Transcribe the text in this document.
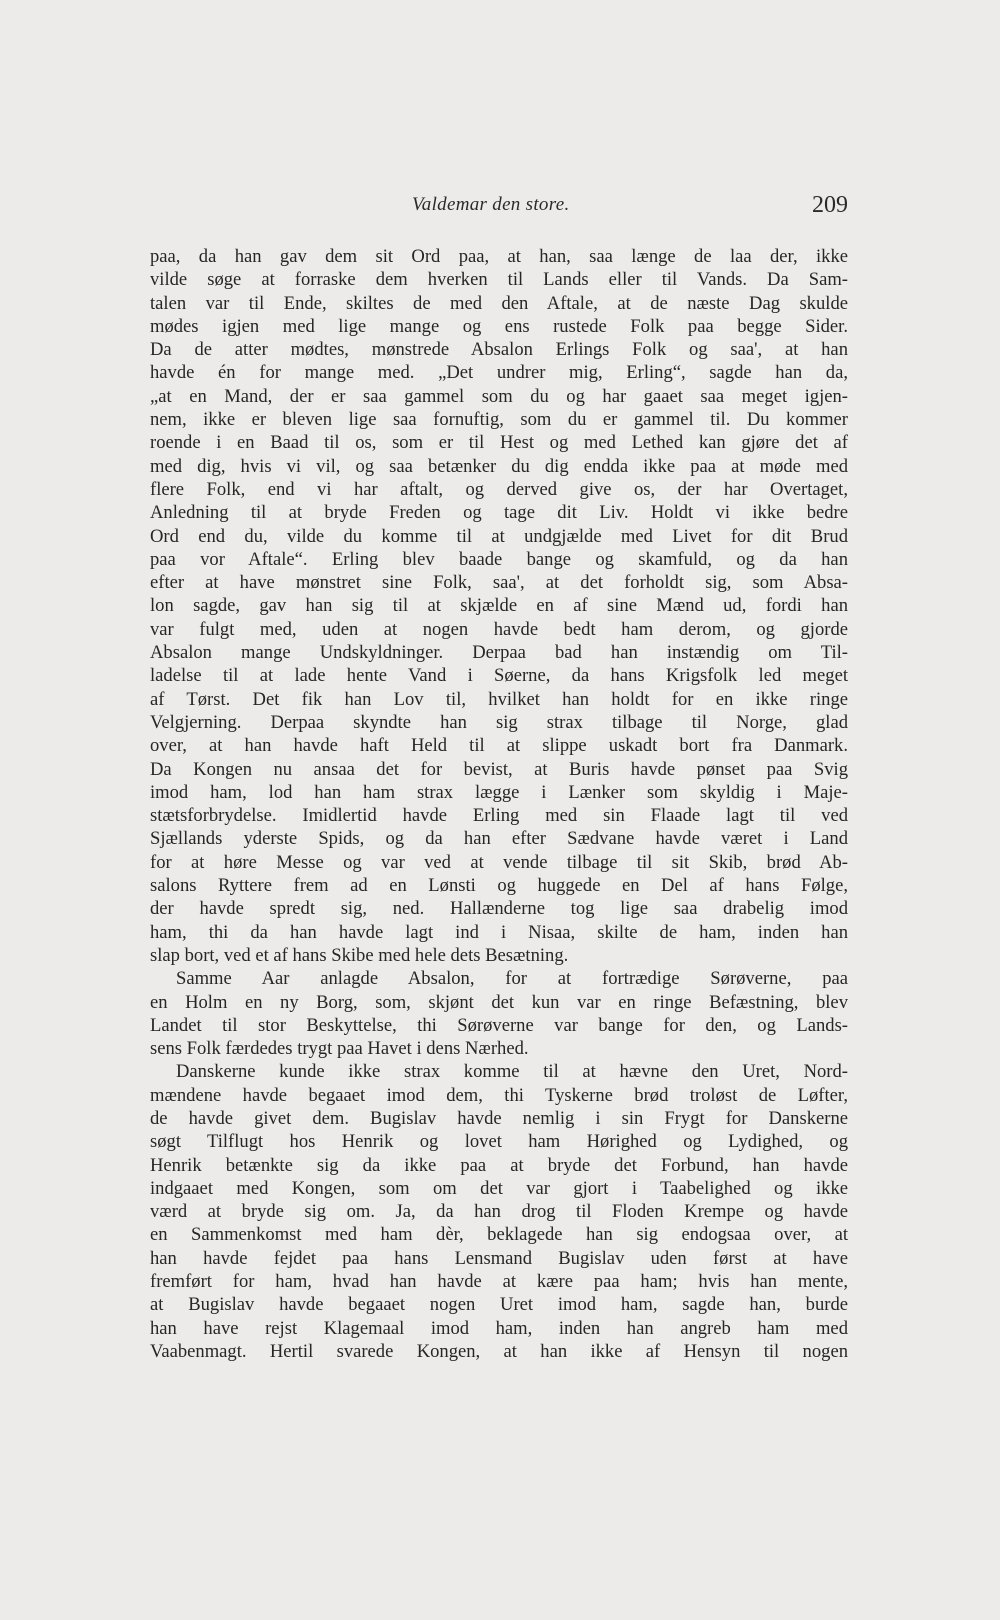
Valdemar den store.	209
paa, da han gav dem sit Ord paa, at han, saa længe de laa der, ikke
vilde søge at forraske dem hverken til Lands eller til Vands. Da Sam-
talen var til Ende, skiltes de med den Aftale, at de næste Dag skulde
mødes igjen med lige mange og ens rustede Folk paa begge Sider.
Da de atter mødtes, mønstrede Absalon Erlings Folk og saa', at han
havde én for mange med. „Det undrer mig, Erling“, sagde han da,
„at en Mand, der er saa gammel som du og har gaaet saa meget igjen-
nem, ikke er bleven lige saa fornuftig, som du er gammel til. Du kommer
roende i en Baad til os, som er til Hest og med Lethed kan gjøre det af
med dig, hvis vi vil, og saa betænker du dig endda ikke paa at møde med
flere Folk, end vi har aftalt, og derved give os, der har Overtaget,
Anledning til at bryde Freden og tage dit Liv. Holdt vi ikke bedre
Ord end du, vilde du komme til at undgjælde med Livet for dit Brud
paa vor Aftale“. Erling blev baade bange og skamfuld, og da han
efter at have mønstret sine Folk, saa', at det forholdt sig, som Absa-
lon sagde, gav han sig til at skjælde en af sine Mænd ud, fordi han
var fulgt med, uden at nogen havde bedt ham derom, og gjorde
Absalon mange Undskyldninger. Derpaa bad han instændig om Til-
ladelse til at lade hente Vand i Søerne, da hans Krigsfolk led meget
af Tørst. Det fik han Lov til, hvilket han holdt for en ikke ringe
Velgjerning. Derpaa skyndte han sig strax tilbage til Norge, glad
over, at han havde haft Held til at slippe uskadt bort fra Danmark.
Da Kongen nu ansaa det for bevist, at Buris havde pønset paa Svig
imod ham, lod han ham strax lægge i Lænker som skyldig i Maje-
stætsforbrydelse. Imidlertid havde Erling med sin Flaade lagt til ved
Sjællands yderste Spids, og da han efter Sædvane havde været i Land
for at høre Messe og var ved at vende tilbage til sit Skib, brød Ab-
salons Ryttere frem ad en Lønsti og huggede en Del af hans Følge,
der havde spredt sig, ned. Hallænderne tog lige saa drabelig imod
ham, thi da han havde lagt ind i Nisaa, skilte de ham, inden han
slap bort, ved et af hans Skibe med hele dets Besætning.
Samme Aar anlagde Absalon, for at fortrædige Sørøverne, paa
en Holm en ny Borg, som, skjønt det kun var en ringe Befæstning, blev
Landet til stor Beskyttelse, thi Sørøverne var bange for den, og Lands-
sens Folk færdedes trygt paa Havet i dens Nærhed.
Danskerne kunde ikke strax komme til at hævne den Uret, Nord-
mændene havde begaaet imod dem, thi Tyskerne brød troløst de Løfter,
de havde givet dem. Bugislav havde nemlig i sin Frygt for Danskerne
søgt Tilflugt hos Henrik og lovet ham Hørighed og Lydighed, og
Henrik betænkte sig da ikke paa at bryde det Forbund, han havde
indgaaet med Kongen, som om det var gjort i Taabelighed og ikke
værd at bryde sig om. Ja, da han drog til Floden Krempe og havde
en Sammenkomst med ham dèr, beklagede han sig endogsaa over, at
han havde fejdet paa hans Lensmand Bugislav uden først at have
fremført for ham, hvad han havde at kære paa ham; hvis han mente,
at Bugislav havde begaaet nogen Uret imod ham, sagde han, burde
han have rejst Klagemaal imod ham, inden han angreb ham med
Vaabenmagt. Hertil svarede Kongen, at han ikke af Hensyn til nogen
